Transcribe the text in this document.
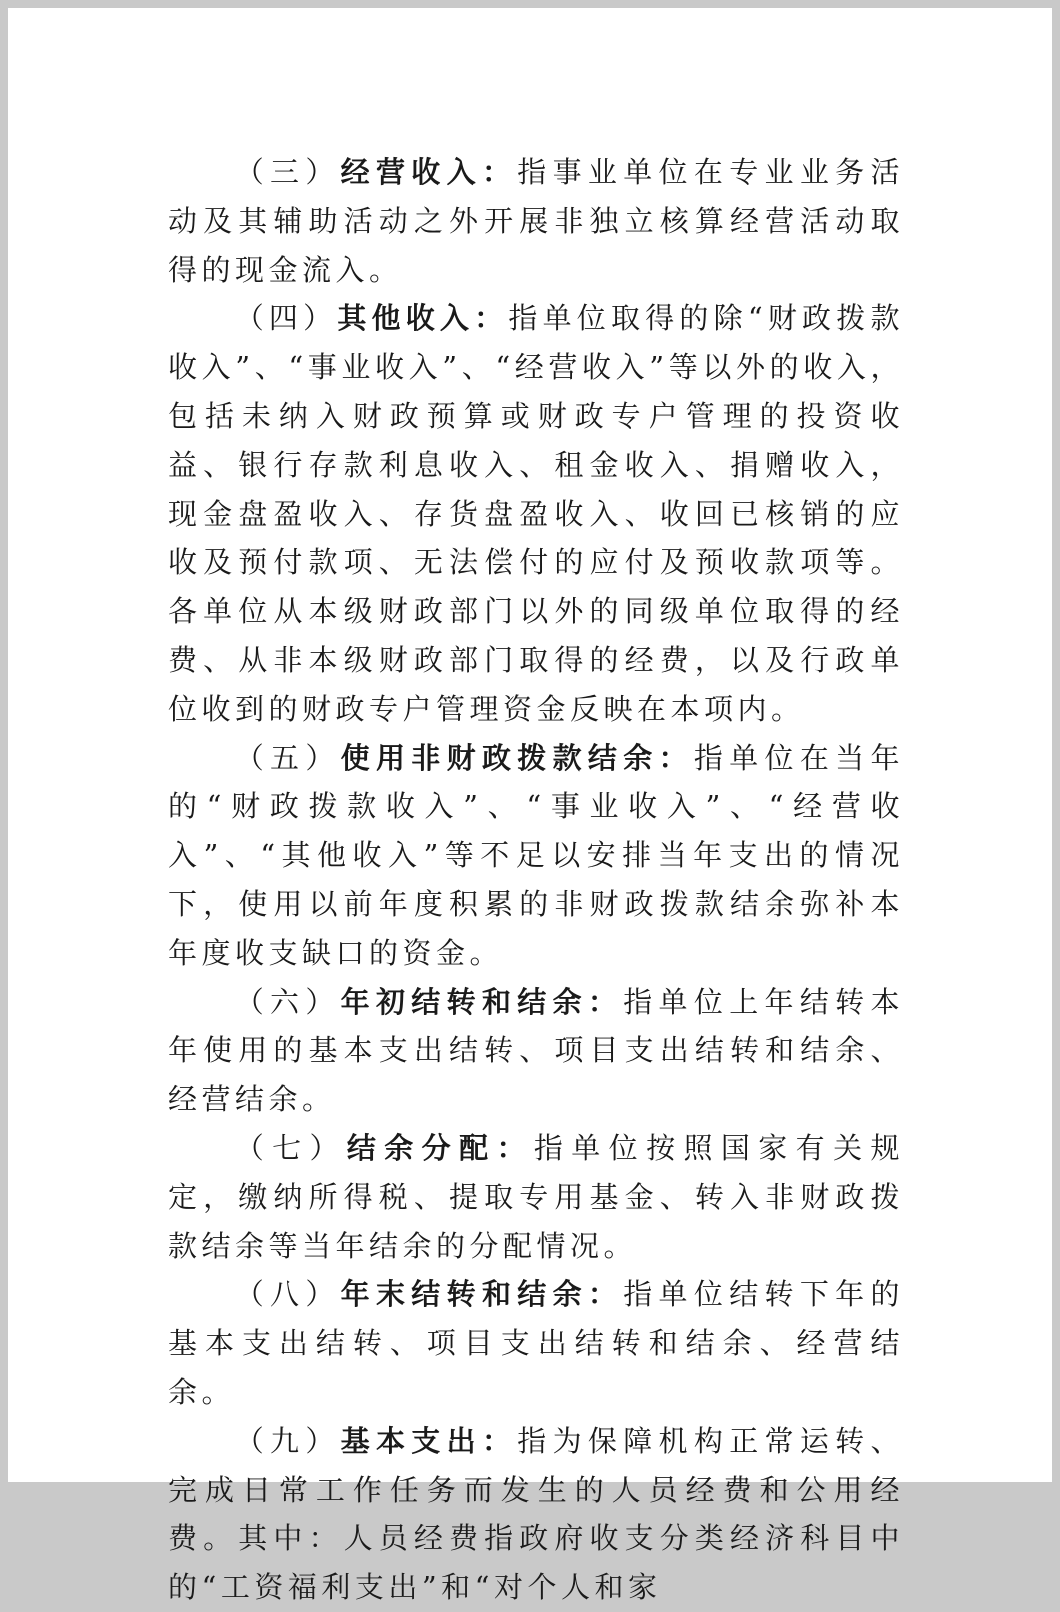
（三）经营收入：指事业单位在专业业务活动及其辅助活动之外开展非独立核算经营活动取得的现金流入。

（四）其他收入：指单位取得的除“财政拨款收入”、“事业收入”、“经营收入”等以外的收入，包括未纳入财政预算或财政专户管理的投资收益、银行存款利息收入、租金收入、捐赠收入，现金盘盈收入、存货盘盈收入、收回已核销的应收及预付款项、无法偿付的应付及预收款项等。各单位从本级财政部门以外的同级单位取得的经费、从非本级财政部门取得的经费，以及行政单位收到的财政专户管理资金反映在本项内。

（五）使用非财政拨款结余：指单位在当年的“财政拨款收入”、“事业收入”、“经营收入”、“其他收入”等不足以安排当年支出的情况下，使用以前年度积累的非财政拨款结余弥补本年度收支缺口的资金。

（六）年初结转和结余：指单位上年结转本年使用的基本支出结转、项目支出结转和结余、经营结余。

（七）结余分配：指单位按照国家有关规定，缴纳所得税、提取专用基金、转入非财政拨款结余等当年结余的分配情况。

（八）年末结转和结余：指单位结转下年的基本支出结转、项目支出结转和结余、经营结余。

（九）基本支出：指为保障机构正常运转、完成日常工作任务而发生的人员经费和公用经费。其中：人员经费指政府收支分类经济科目中的“工资福利支出”和“对个人和家
